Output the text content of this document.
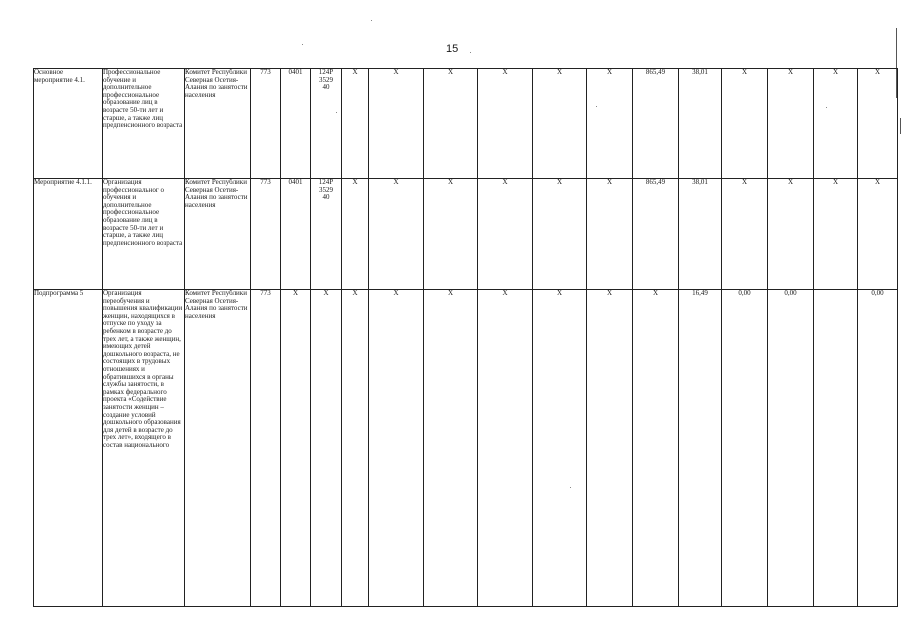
15
Основное мероприятие 4.1.	Профессиональное обучение и дополнительное профессиональное образование лиц в возрасте 50-ти лет и старше, а также лиц предпенсионного возраста	Комитет Республики Северная Осетия-Алания по занятости населения	773	0401	124Р
3529
40	X	X	X	X	X	X	865,49	38,01	X	X	X	X
Мероприятие 4.1.1.	Организация профессиональног о обучения и дополнительное профессиональное образование лиц в возрасте 50-ти лет и старше, а также лиц предпенсионного возраста	Комитет Республики Северная Осетия-Алания по занятости населения	773	0401	124Р
3529
40	X	X	X	X	X	X	865,49	38,01	X	X	X	X
Подпрограмма 5	Организация переобучения и повышения квалификации женщин, находящихся в отпуске по уходу за ребенком в возрасте до трех лет, а также женщин, имеющих детей дошкольного возраста, не состоящих в трудовых отношениях и обратившихся в органы службы занятости, в рамках федерального проекта «Содействие занятости женщин – создание условий дошкольного образования для детей в возрасте до трех лет», входящего в состав национального	Комитет Республики Северная Осетия-Алания по занятости населения	773	X	X	X	X	X	X	X	X	X	16,49	0,00	0,00		0,00
